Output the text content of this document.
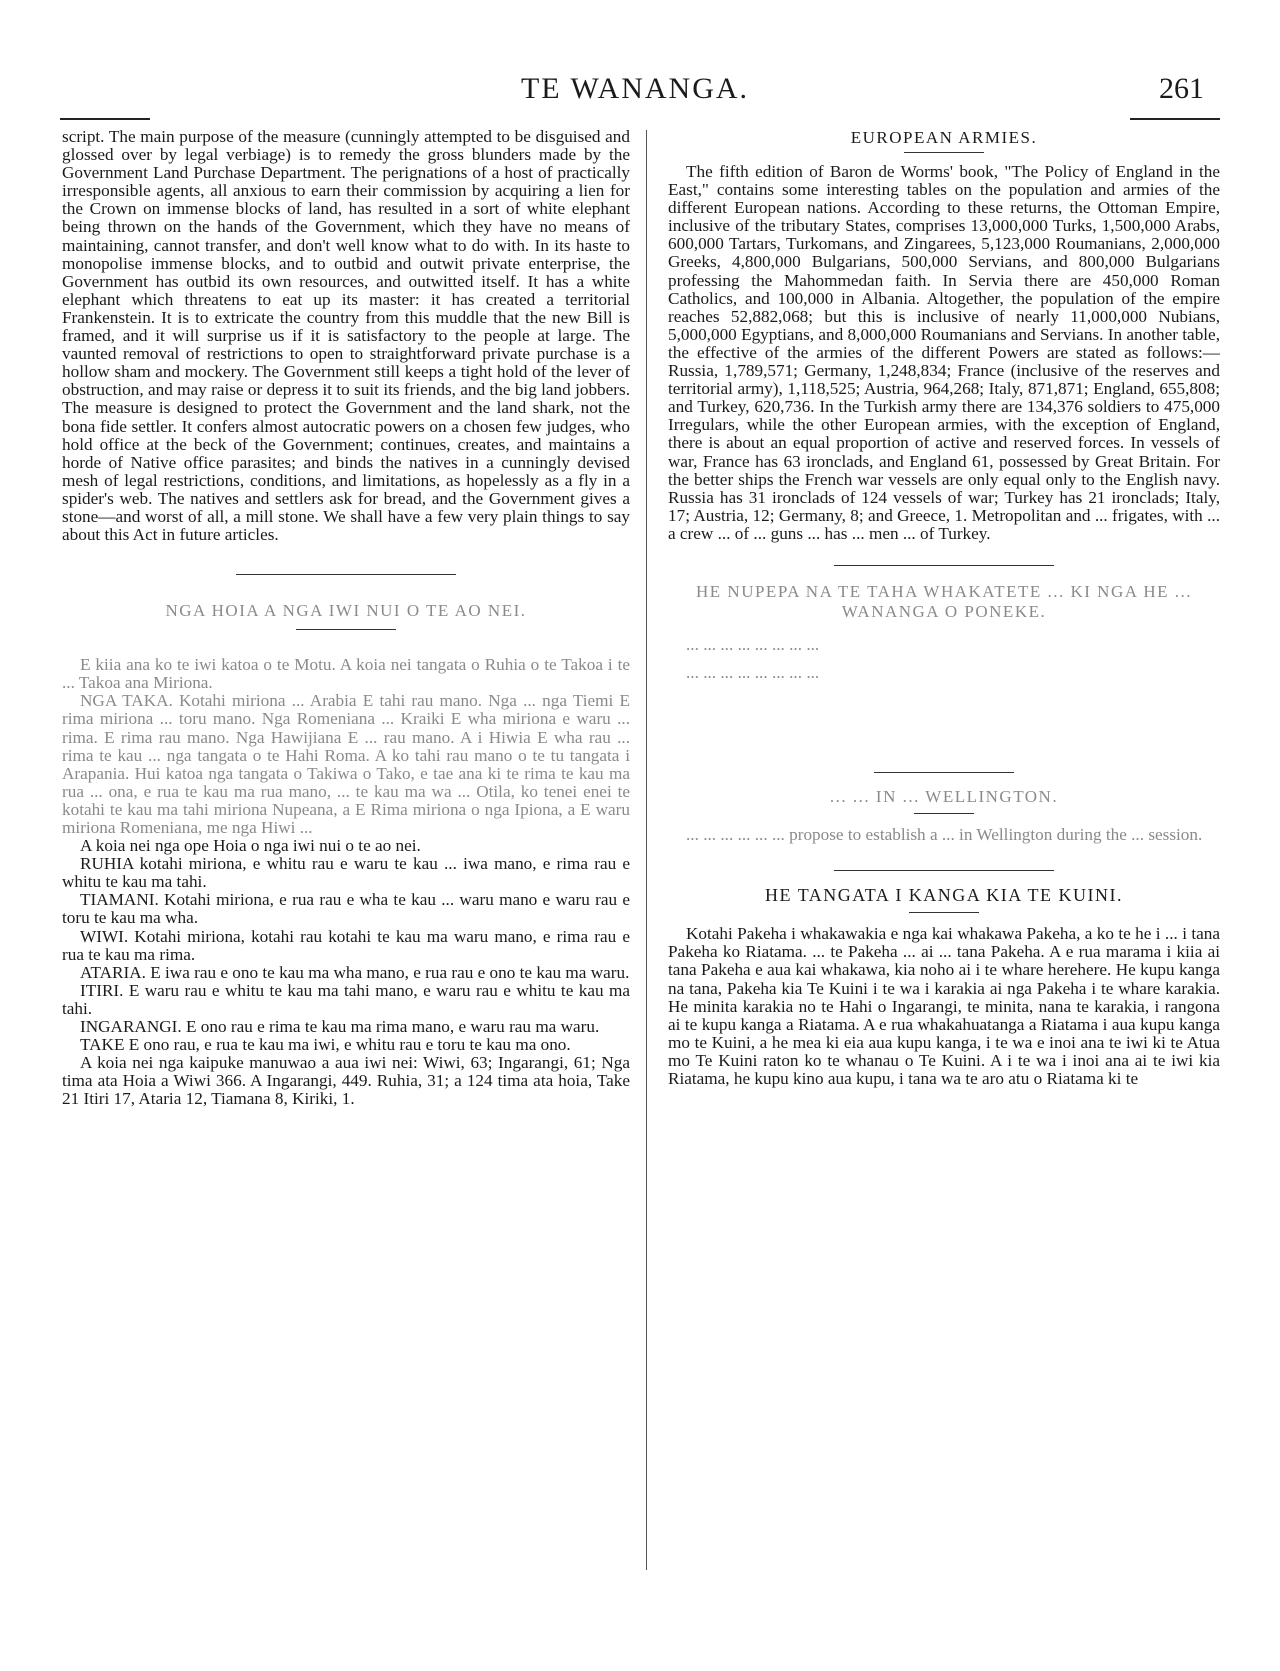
TE WANANGA.	261

script. The main purpose of the measure (cunningly attempted to be disguised and glossed over by legal verbiage) is to remedy the gross blunders made by the Government Land Purchase Department. The perignations of a host of practically irresponsible agents, all anxious to earn their commission by acquiring a lien for the Crown on immense blocks of land, has resulted in a sort of white elephant being thrown on the hands of the Government, which they have no means of maintaining, cannot transfer, and don't well know what to do with. In its haste to monopolise immense blocks, and to outbid and outwit private enterprise, the Government has outbid its own resources, and outwitted itself. It has a white elephant which threatens to eat up its master: it has created a territorial Frankenstein. It is to extricate the country from this muddle that the new Bill is framed, and it will surprise us if it is satisfactory to the people at large. The vaunted removal of restrictions to open to straightforward private purchase is a hollow sham and mockery. The Government still keeps a tight hold of the lever of obstruction, and may raise or depress it to suit its friends, and the big land jobbers. The measure is designed to protect the Government and the land shark, not the bona fide settler. It confers almost autocratic powers on a chosen few judges, who hold office at the beck of the Government; continues, creates, and maintains a horde of Native office parasites; and binds the natives in a cunningly devised mesh of legal restrictions, conditions, and limitations, as hopelessly as a fly in a spider's web. The natives and settlers ask for bread, and the Government gives a stone—and worst of all, a mill stone. We shall have a few very plain things to say about this Act in future articles.

NGA HOIA A NGA IWI NUI O TE AO NEI.

E kiia ana ko te iwi katoa o te Motu. A koia nei tangata o Ruhia o te Takoa i te ... Takoa ana Miriona.

NGA TAKA. Kotahi miriona ... Arabia E tahi rau mano. Nga ... nga Tiemi E rima miriona ... toru mano. Nga Romeniana ... Kraiki E wha miriona e waru ... rima. E rima rau mano. Nga Hawijiana E ... rau mano. A i Hiwia E wha rau ... rima te kau ... nga tangata o te Hahi Roma. A ko tahi rau mano o te tu tangata i Arapania. Hui katoa nga tangata o Takiwa o Tako, e tae ana ki te rima te kau ma rua ... ona, e rua te kau ma rua mano, ... te kau ma wa ... Otila, ko tenei enei te kotahi te kau ma tahi miriona Nupeana, a E Rima miriona o nga Ipiona, a E waru miriona Romeniana, me nga Hiwi ...

A koia nei nga ope Hoia o nga iwi nui o te ao nei.

RUHIA kotahi miriona, e whitu rau e waru te kau ... iwa mano, e rima rau e whitu te kau ma tahi.

TIAMANI. Kotahi miriona, e rua rau e wha te kau ... waru mano e waru rau e toru te kau ma wha.

WIWI. Kotahi miriona, kotahi rau kotahi te kau ma waru mano, e rima rau e rua te kau ma rima.

ATARIA. E iwa rau e ono te kau ma wha mano, e rua rau e ono te kau ma waru.

ITIRI. E waru rau e whitu te kau ma tahi mano, e waru rau e whitu te kau ma tahi.

INGARANGI. E ono rau e rima te kau ma rima mano, e waru rau ma waru.

TAKE E ono rau, e rua te kau ma iwi, e whitu rau e toru te kau ma ono.

A koia nei nga kaipuke manuwao a aua iwi nei: Wiwi, 63; Ingarangi, 61; Nga tima ata Hoia a Wiwi 366. A Ingarangi, 449. Ruhia, 31; a 124 tima ata hoia, Take 21 Itiri 17, Ataria 12, Tiamana 8, Kiriki, 1.

EUROPEAN ARMIES.

The fifth edition of Baron de Worms' book, "The Policy of England in the East," contains some interesting tables on the population and armies of the different European nations. According to these returns, the Ottoman Empire, inclusive of the tributary States, comprises 13,000,000 Turks, 1,500,000 Arabs, 600,000 Tartars, Turkomans, and Zingarees, 5,123,000 Roumanians, 2,000,000 Greeks, 4,800,000 Bulgarians, 500,000 Servians, and 800,000 Bulgarians professing the Mahommedan faith. In Servia there are 450,000 Roman Catholics, and 100,000 in Albania. Altogether, the population of the empire reaches 52,882,068; but this is inclusive of nearly 11,000,000 Nubians, 5,000,000 Egyptians, and 8,000,000 Roumanians and Servians. In another table, the effective of the armies of the different Powers are stated as follows:—Russia, 1,789,571; Germany, 1,248,834; France (inclusive of the reserves and territorial army), 1,118,525; Austria, 964,268; Italy, 871,871; England, 655,808; and Turkey, 620,736. In the Turkish army there are 134,376 soldiers to 475,000 Irregulars, while the other European armies, with the exception of England, there is about an equal proportion of active and reserved forces. In vessels of war, France has 63 ironclads, and England 61, possessed by Great Britain. For the better ships the French war vessels are only equal only to the English navy. Russia has 31 ironclads of 124 vessels of war; Turkey has 21 ironclads; Italy, 17; Austria, 12; Germany, 8; and Greece, 1. Metropolitan and ... frigates, with ... a crew ... of ... guns ... has ... men ... of Turkey.

HE NUPEPA NA TE TAHA WHAKATETE ... KI NGA HE ... WANANGA O PONEKE.

... ... ... ... ... ... ... ...

... ... ... ... ... ... ... ...

... ... IN ... WELLINGTON.

... ... ... ... ... ... propose to establish a ... in Wellington during the ... session.

HE TANGATA I KANGA KIA TE KUINI.

Kotahi Pakeha i whakawakia e nga kai whakawa Pakeha, a ko te he i ... i tana Pakeha ko Riatama. ... te Pakeha ... ai ... tana Pakeha. A e rua marama i kiia ai tana Pakeha e aua kai whakawa, kia noho ai i te whare herehere. He kupu kanga na tana, Pakeha kia Te Kuini i te wa i karakia ai nga Pakeha i te whare karakia. He minita karakia no te Hahi o Ingarangi, te minita, nana te karakia, i rangona ai te kupu kanga a Riatama. A e rua whakahuatanga a Riatama i aua kupu kanga mo te Kuini, a he mea ki eia aua kupu kanga, i te wa e inoi ana te iwi ki te Atua mo Te Kuini raton ko te whanau o Te Kuini. A i te wa i inoi ana ai te iwi kia Riatama, he kupu kino aua kupu, i tana wa te aro atu o Riatama ki te
